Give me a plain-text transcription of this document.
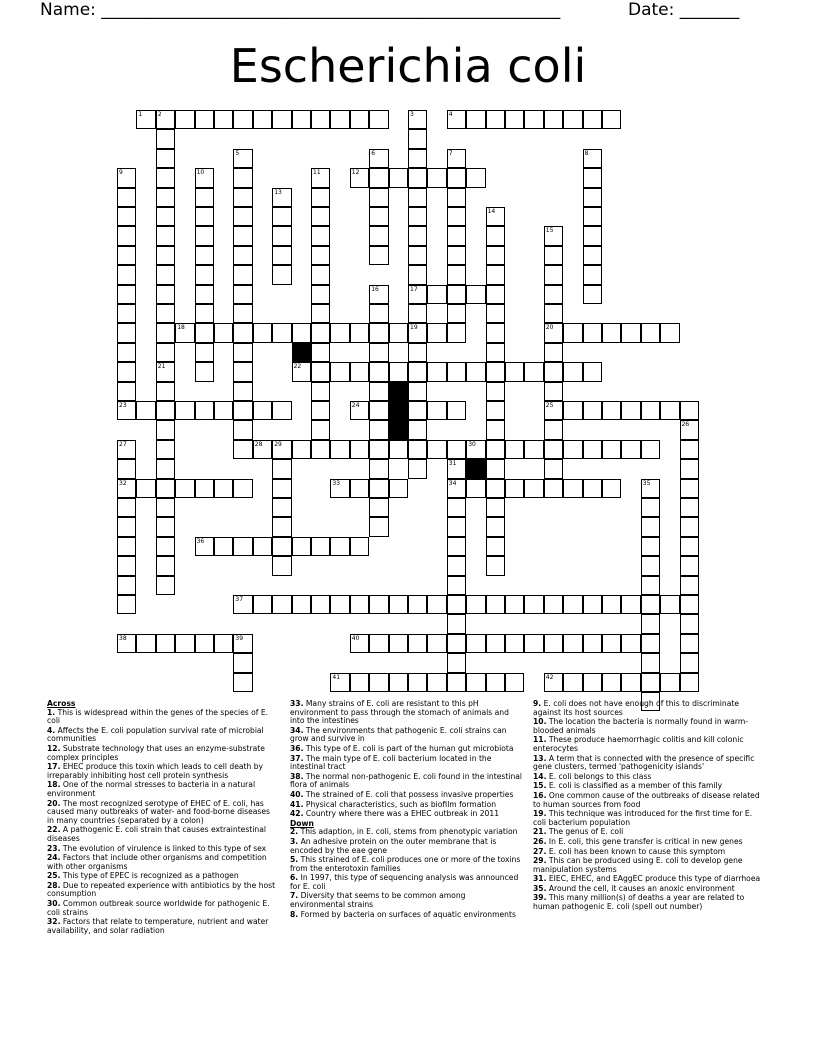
Name: ______________________________________________________	Date: _______
Escherichia coli
1	2	4
12
17
18	19	20
22
23	24	25
28 29	30
32	33	34
36
37
38	39	40
41	42
21
3
5	6	7	8
9	10	11
13
14
15
16
26
27
31
35
Across
1. This is widespread within the genes of the species of E. coli
4. Affects the E. coli population survival rate of microbial communities
12. Substrate technology that uses an enzyme-substrate complex principles
17. EHEC produce this toxin which leads to cell death by irreparably inhibiting host cell protein synthesis
18. One of the normal stresses to bacteria in a natural environment
20. The most recognized serotype of EHEC of E. coli, has caused many outbreaks of water- and food-borne diseases in many countries (separated by a colon)
22. A pathogenic E. coli strain that causes extraintestinal diseases
23. The evolution of virulence is linked to this type of sex
24. Factors that include other organisms and competition with other organisms
25. This type of EPEC is recognized as a pathogen
28. Due to repeated experience with antibiotics by the host consumption
30. Common outbreak source worldwide for pathogenic E. coli strains
32. Factors that relate to temperature, nutrient and water availability, and solar radiation
33. Many strains of E. coli are resistant to this pH environment to pass through the stomach of animals and into the intestines
34. The environments that pathogenic E. coli strains can grow and survive in
36. This type of E. coli is part of the human gut microbiota
37. The main type of E. coli bacterium located in the intestinal tract
38. The normal non-pathogenic E. coli found in the intestinal flora of animals
40. The strained of E. coli that possess invasive properties
41. Physical characteristics, such as biofilm formation
42. Country where there was a EHEC outbreak in 2011
Down
2. This adaption, in E. coli, stems from phenotypic variation
3. An adhesive protein on the outer membrane that is encoded by the eae gene
5. This strained of E. coli produces one or more of the toxins from the enterotoxin families
6. In 1997, this type of sequencing analysis was announced for E. coli
7. Diversity that seems to be common among environmental strains
8. Formed by bacteria on surfaces of aquatic environments
9. E. coli does not have enough of this to discriminate against its host sources
10. The location the bacteria is normally found in warm-blooded animals
11. These produce haemorrhagic colitis and kill colonic enterocytes
13. A term that is connected with the presence of specific gene clusters, termed 'pathogenicity islands'
14. E. coli belongs to this class
15. E. coli is classified as a member of this family
16. One common cause of the outbreaks of disease related to human sources from food
19. This technique was introduced for the first time for E. coli bacterium population
21. The genus of E. coli
26. In E. coli, this gene transfer is critical in new genes
27. E. coli has been known to cause this symptom
29. This can be produced using E. coli to develop gene manipulation systems
31. EIEC, EHEC, and EAggEC produce this type of diarrhoea
35. Around the cell, it causes an anoxic environment
39. This many million(s) of deaths a year are related to human pathogenic E. coli (spell out number)
